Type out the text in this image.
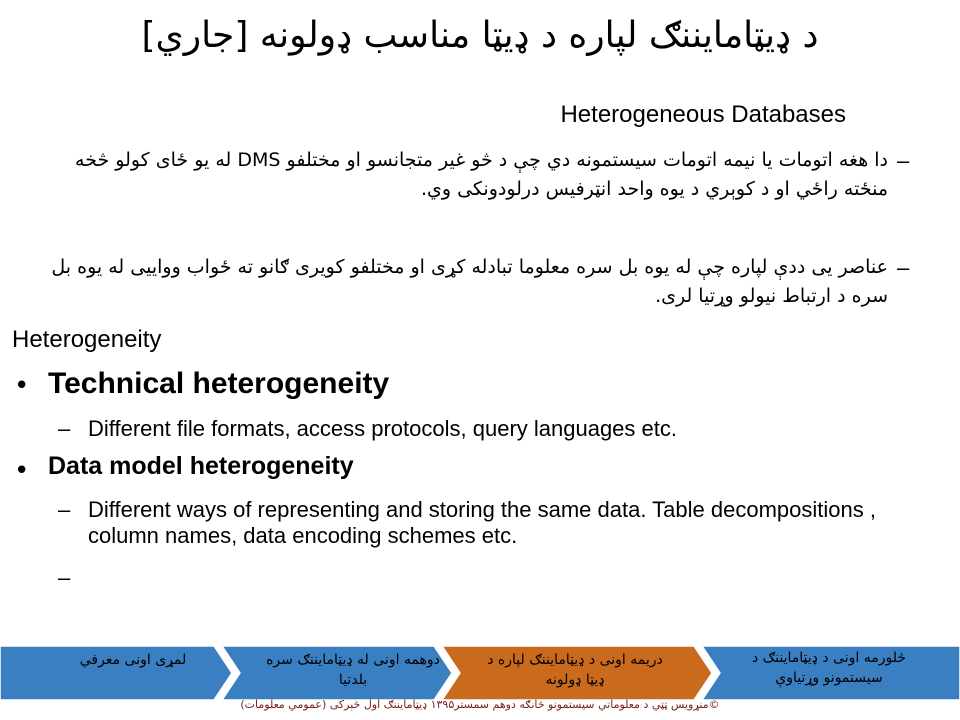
د ډیټامایننګ لپاره د ډیټا مناسب ډولونه [جاري]
Heterogeneous Databases
–
دا هغه اتومات یا نیمه اتومات سیستمونه دي چې د څو غیر متجانسو او مختلفو DMS له یو ځای کولو څخه منځته راځي او د کوېري د یوه واحد انټرفیس درلودونکی وي.
–
عناصر یی ددې لپاره چې له یوه بل سره معلوما تبادله کړی او مختلفو کویری ګانو ته ځواب وواییی له یوه بل سره د ارتباط نیولو وړتیا لری.
Heterogeneity
• Technical heterogeneity
– Different file formats, access protocols, query languages etc.
• Data model heterogeneity
– Different ways of representing and storing the same data. Table decompositions , column names, data encoding schemes etc.
–
لمړی اونی معرفي	دوهمه اونی له ډیټامایننګ سره بلدتیا
دریمه اونی د ډیټامایننګ لپاره د ډیټا ډولونه
څلورمه اونی د ډیټامایننګ د سیستمونو وړتیاوې
©منړویس ټټي د معلوماتي سیستمونو څانګه دوهم سمستر۱۳۹۵ ډیټامایننګ اول څېرکی (عمومي معلومات)
